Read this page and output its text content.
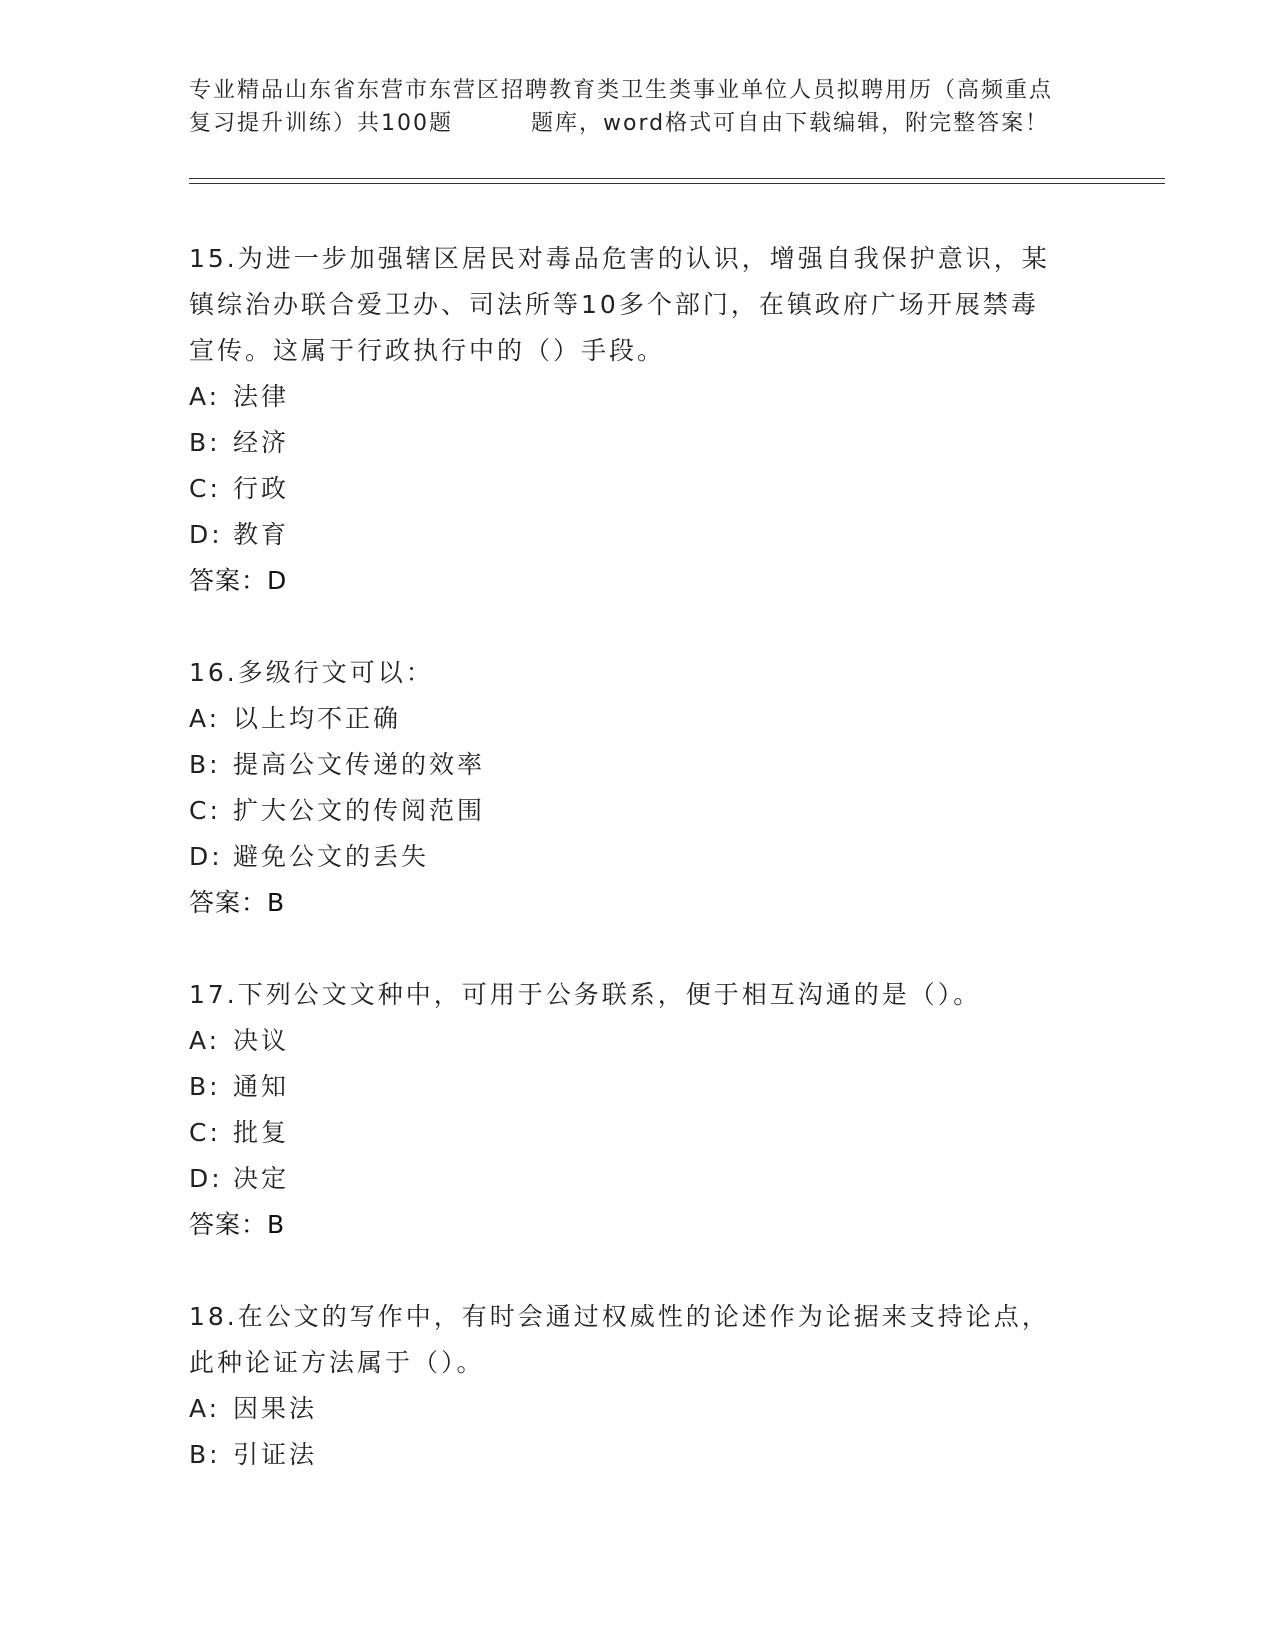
专业精品山东省东营市东营区招聘教育类卫生类事业单位人员拟聘用历（高频重点
复习提升训练）共100题	题库，word格式可自由下载编辑，附完整答案！
15.为进一步加强辖区居民对毒品危害的认识，增强自我保护意识，某
镇综治办联合爱卫办、司法所等10多个部门，在镇政府广场开展禁毒
宣传。这属于行政执行中的（）手段。
A: 法律
B: 经济
C: 行政
D: 教育
答案：D
16.多级行文可以：
A: 以上均不正确
B: 提高公文传递的效率
C: 扩大公文的传阅范围
D: 避免公文的丢失
答案：B
17.下列公文文种中，可用于公务联系，便于相互沟通的是（）。
A: 决议
B: 通知
C: 批复
D: 决定
答案：B
18.在公文的写作中，有时会通过权威性的论述作为论据来支持论点，
此种论证方法属于（）。
A: 因果法
B: 引证法
